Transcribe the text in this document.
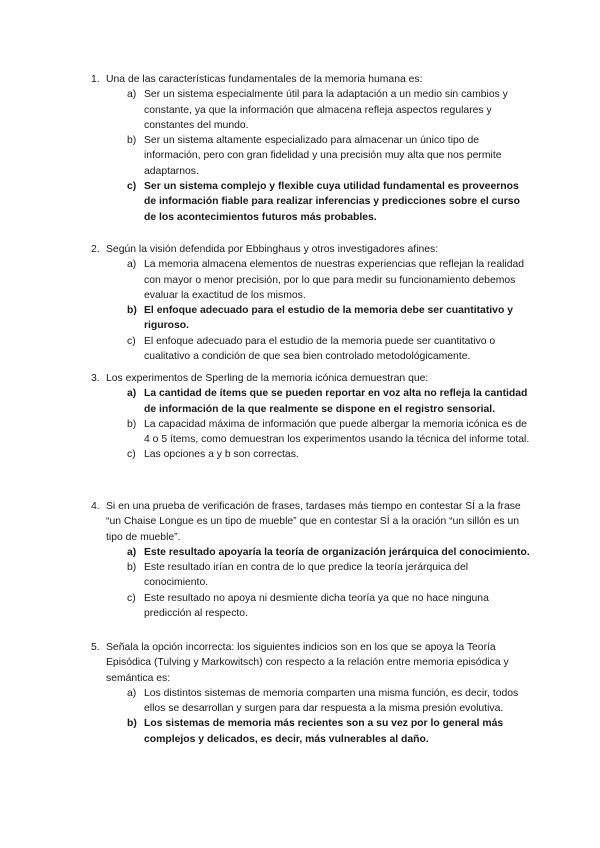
1. Una de las características fundamentales de la memoria humana es:
a) Ser un sistema especialmente útil para la adaptación a un medio sin cambios y constante, ya que la información que almacena refleja aspectos regulares y constantes del mundo.
b) Ser un sistema altamente especializado para almacenar un único tipo de información, pero con gran fidelidad y una precisión muy alta que nos permite adaptarnos.
c) Ser un sistema complejo y flexible cuya utilidad fundamental es proveernos de información fiable para realizar inferencias y predicciones sobre el curso de los acontecimientos futuros más probables.
2. Según la visión defendida por Ebbinghaus y otros investigadores afines:
a) La memoria almacena elementos de nuestras experiencias que reflejan la realidad con mayor o menor precisión, por lo que para medir su funcionamiento debemos evaluar la exactitud de los mismos.
b) El enfoque adecuado para el estudio de la memoria debe ser cuantitativo y riguroso.
c) El enfoque adecuado para el estudio de la memoria puede ser cuantitativo o cualitativo a condición de que sea bien controlado metodológicamente.
3. Los experimentos de Sperling de la memoria icónica demuestran que:
a) La cantidad de ítems que se pueden reportar en voz alta no refleja la cantidad de información de la que realmente se dispone en el registro sensorial.
b) La capacidad máxima de información que puede albergar la memoria icónica es de 4 o 5 ítems, como demuestran los experimentos usando la técnica del informe total.
c) Las opciones a y b son correctas.
4. Si en una prueba de verificación de frases, tardases más tiempo en contestar SÍ a la frase “un Chaise Longue es un tipo de mueble” que en contestar SÍ a la oración “un sillón es un tipo de mueble”.
a) Este resultado apoyaría la teoría de organización jerárquica del conocimiento.
b) Este resultado irían en contra de lo que predice la teoría jerárquica del conocimiento.
c) Este resultado no apoya ni desmiente dicha teoría ya que no hace ninguna predicción al respecto.
5. Señala la opción incorrecta: los siguientes indicios son en los que se apoya la Teoría Episódica (Tulving y Markowitsch) con respecto a la relación entre memoria episódica y semántica es:
a) Los distintos sistemas de memoria comparten una misma función, es decir, todos ellos se desarrollan y surgen para dar respuesta a la misma presión evolutiva.
b) Los sistemas de memoria más recientes son a su vez por lo general más complejos y delicados, es decir, más vulnerables al daño.
